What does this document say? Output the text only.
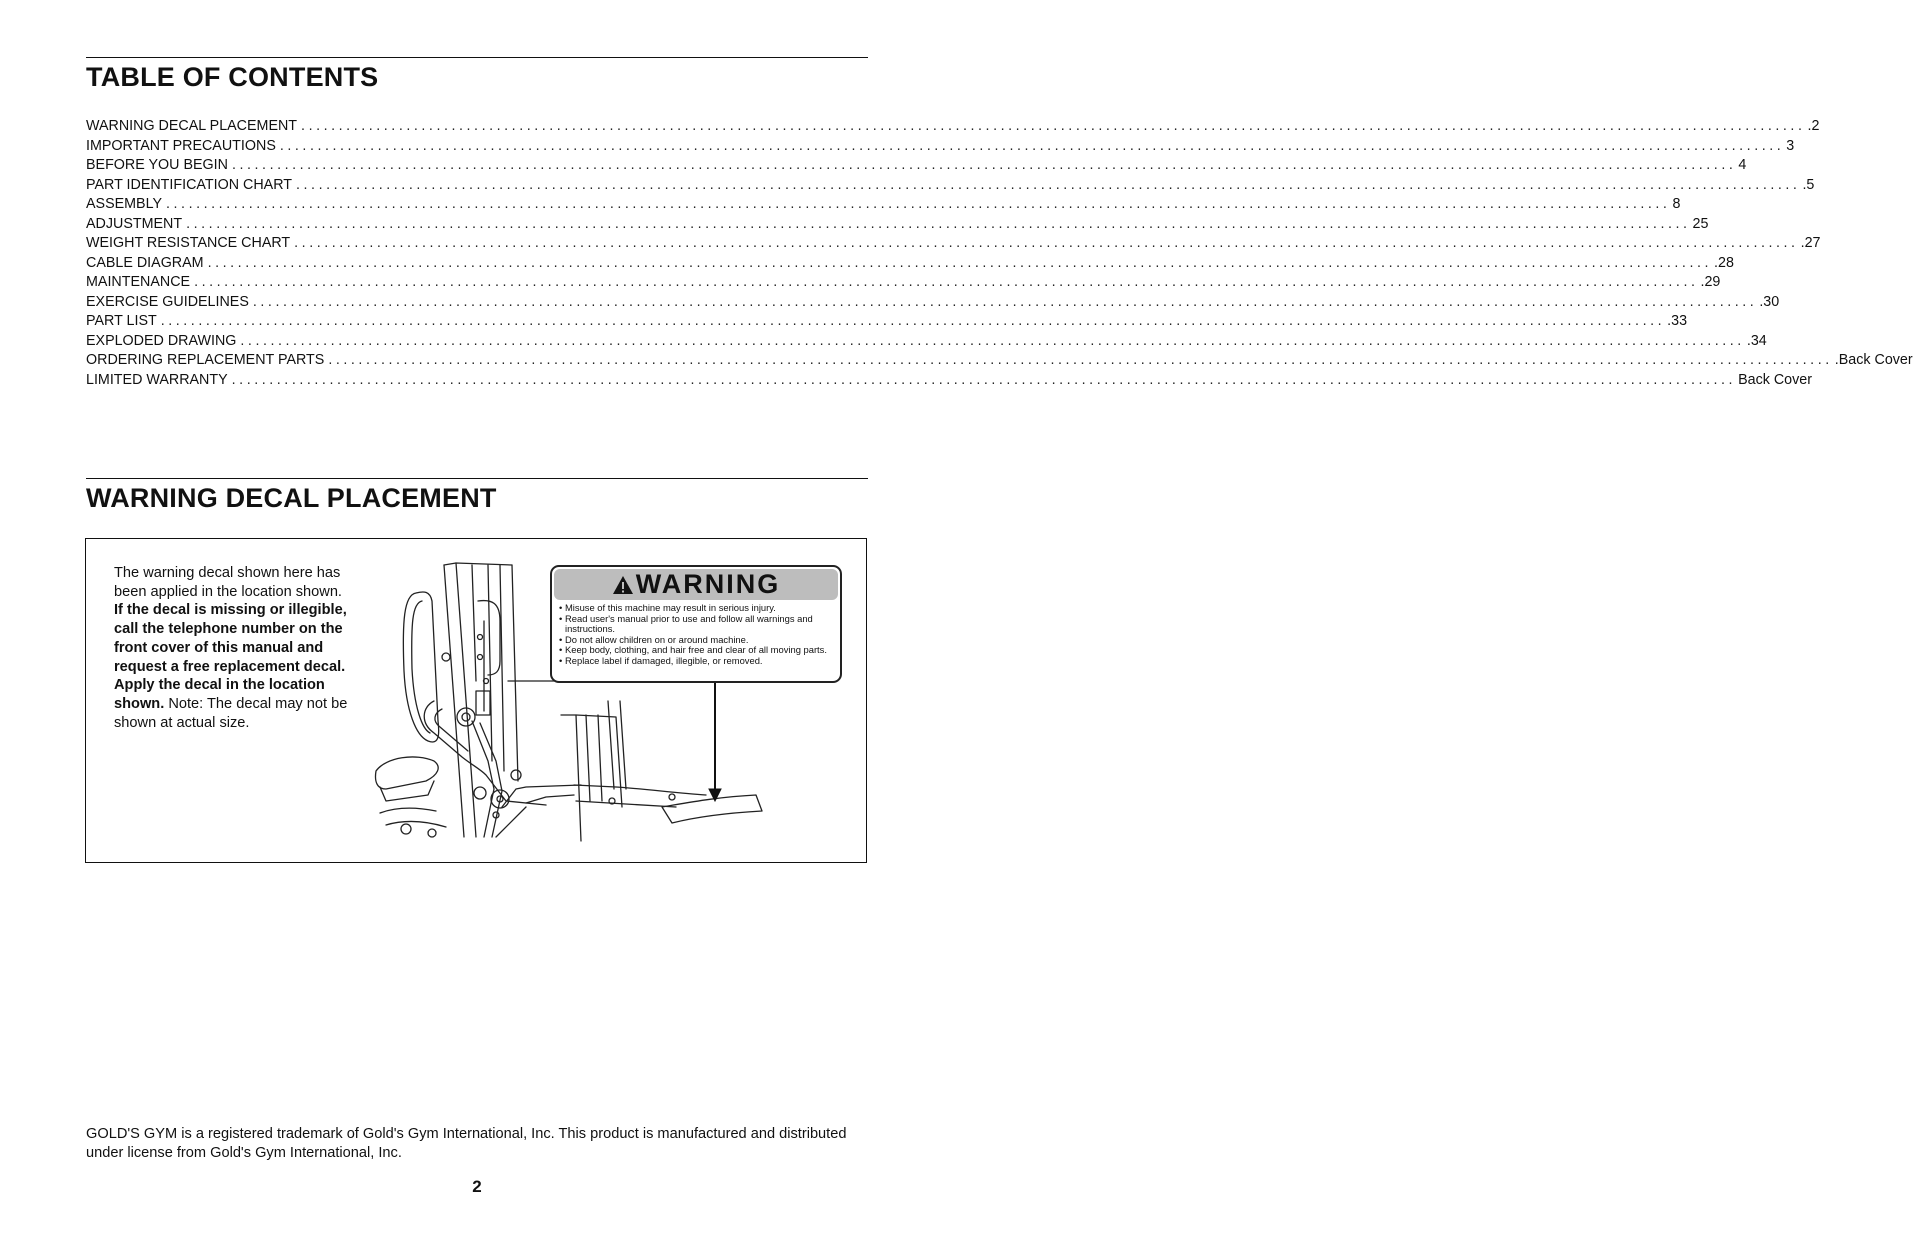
TABLE OF CONTENTS
WARNING DECAL PLACEMENT ........................................................................................................................................................................................................ .2
IMPORTANT PRECAUTIONS ........................................................................................................................................................................................................ 3
BEFORE YOU BEGIN ........................................................................................................................................................................................................ 4
PART IDENTIFICATION CHART ........................................................................................................................................................................................................ .5
ASSEMBLY ........................................................................................................................................................................................................ 8
ADJUSTMENT ........................................................................................................................................................................................................ 25
WEIGHT RESISTANCE CHART ........................................................................................................................................................................................................ .27
CABLE DIAGRAM ........................................................................................................................................................................................................ .28
MAINTENANCE ........................................................................................................................................................................................................ .29
EXERCISE GUIDELINES ........................................................................................................................................................................................................ .30
PART LIST ........................................................................................................................................................................................................ .33
EXPLODED DRAWING ........................................................................................................................................................................................................ .34
ORDERING REPLACEMENT PARTS ........................................................................................................................................................................................................ .Back Cover
LIMITED WARRANTY ........................................................................................................................................................................................................ Back Cover
WARNING DECAL PLACEMENT
The warning decal shown here has been applied in the location shown. If the decal is missing or illegible, call the telephone number on the front cover of this manual and request a free replacement decal. Apply the decal in the location shown. Note: The decal may not be shown at actual size.
WARNING
• Misuse of this machine may result in serious injury.
• Read user's manual prior to use and follow all warnings and instructions.
• Do not allow children on or around machine.
• Keep body, clothing, and hair free and clear of all moving parts.
• Replace label if damaged, illegible, or removed.
GOLD'S GYM is a registered trademark of Gold's Gym International, Inc. This product is manufactured and distributed under license from Gold's Gym International, Inc.
2
